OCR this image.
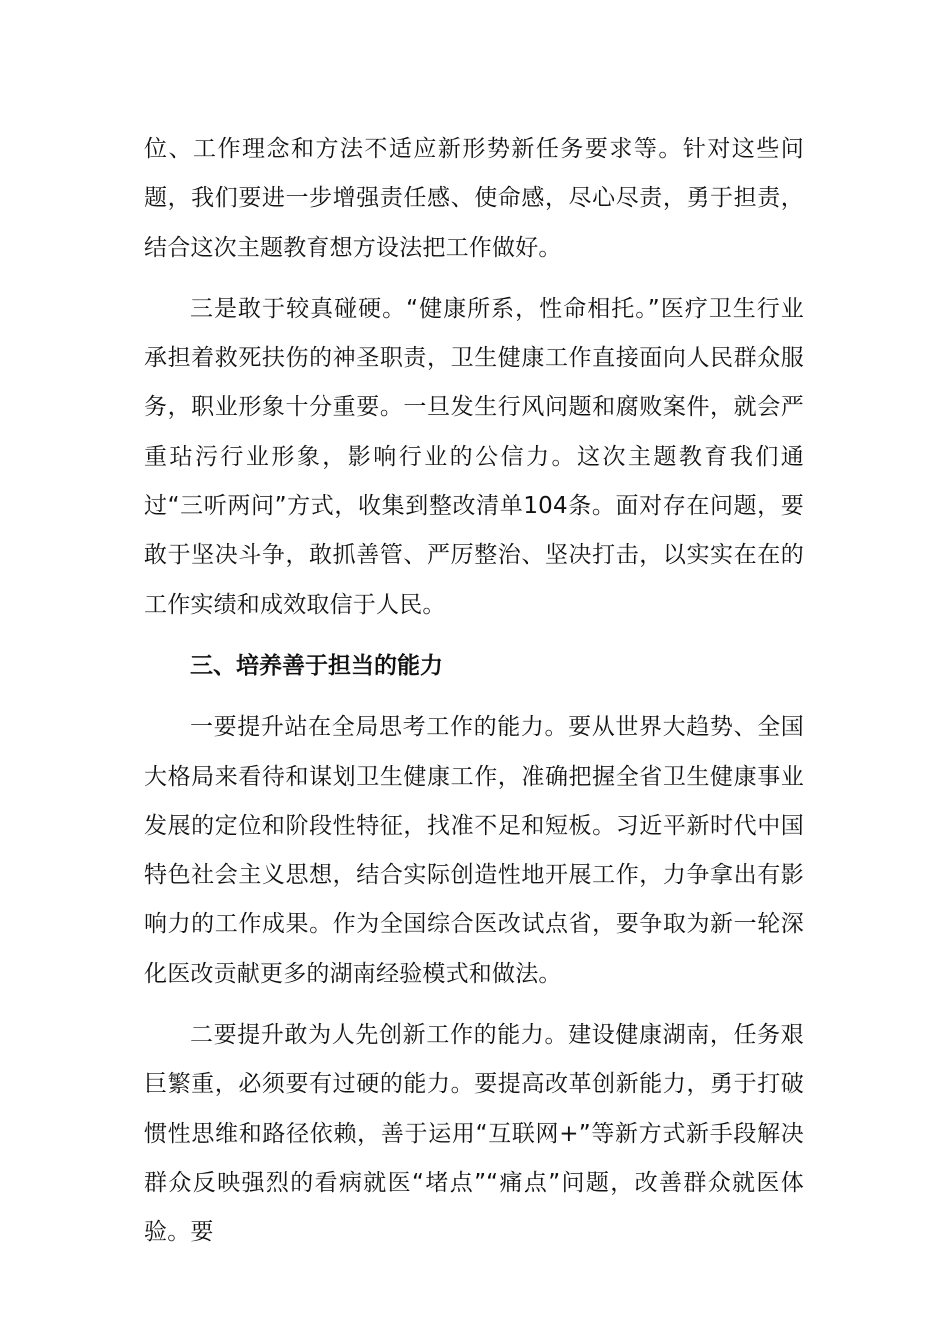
位、工作理念和方法不适应新形势新任务要求等。针对这些问题，我们要进一步增强责任感、使命感，尽心尽责，勇于担责，结合这次主题教育想方设法把工作做好。

三是敢于较真碰硬。“健康所系，性命相托。”医疗卫生行业承担着救死扶伤的神圣职责，卫生健康工作直接面向人民群众服务，职业形象十分重要。一旦发生行风问题和腐败案件，就会严重玷污行业形象，影响行业的公信力。这次主题教育我们通过“三听两问”方式，收集到整改清单104条。面对存在问题，要敢于坚决斗争，敢抓善管、严厉整治、坚决打击，以实实在在的工作实绩和成效取信于人民。

三、培养善于担当的能力

一要提升站在全局思考工作的能力。要从世界大趋势、全国大格局来看待和谋划卫生健康工作，准确把握全省卫生健康事业发展的定位和阶段性特征，找准不足和短板。习近平新时代中国特色社会主义思想，结合实际创造性地开展工作，力争拿出有影响力的工作成果。作为全国综合医改试点省，要争取为新一轮深化医改贡献更多的湖南经验模式和做法。

二要提升敢为人先创新工作的能力。建设健康湖南，任务艰巨繁重，必须要有过硬的能力。要提高改革创新能力，勇于打破惯性思维和路径依赖，善于运用“互联网+”等新方式新手段解决群众反映强烈的看病就医“堵点”“痛点”问题，改善群众就医体验。要
